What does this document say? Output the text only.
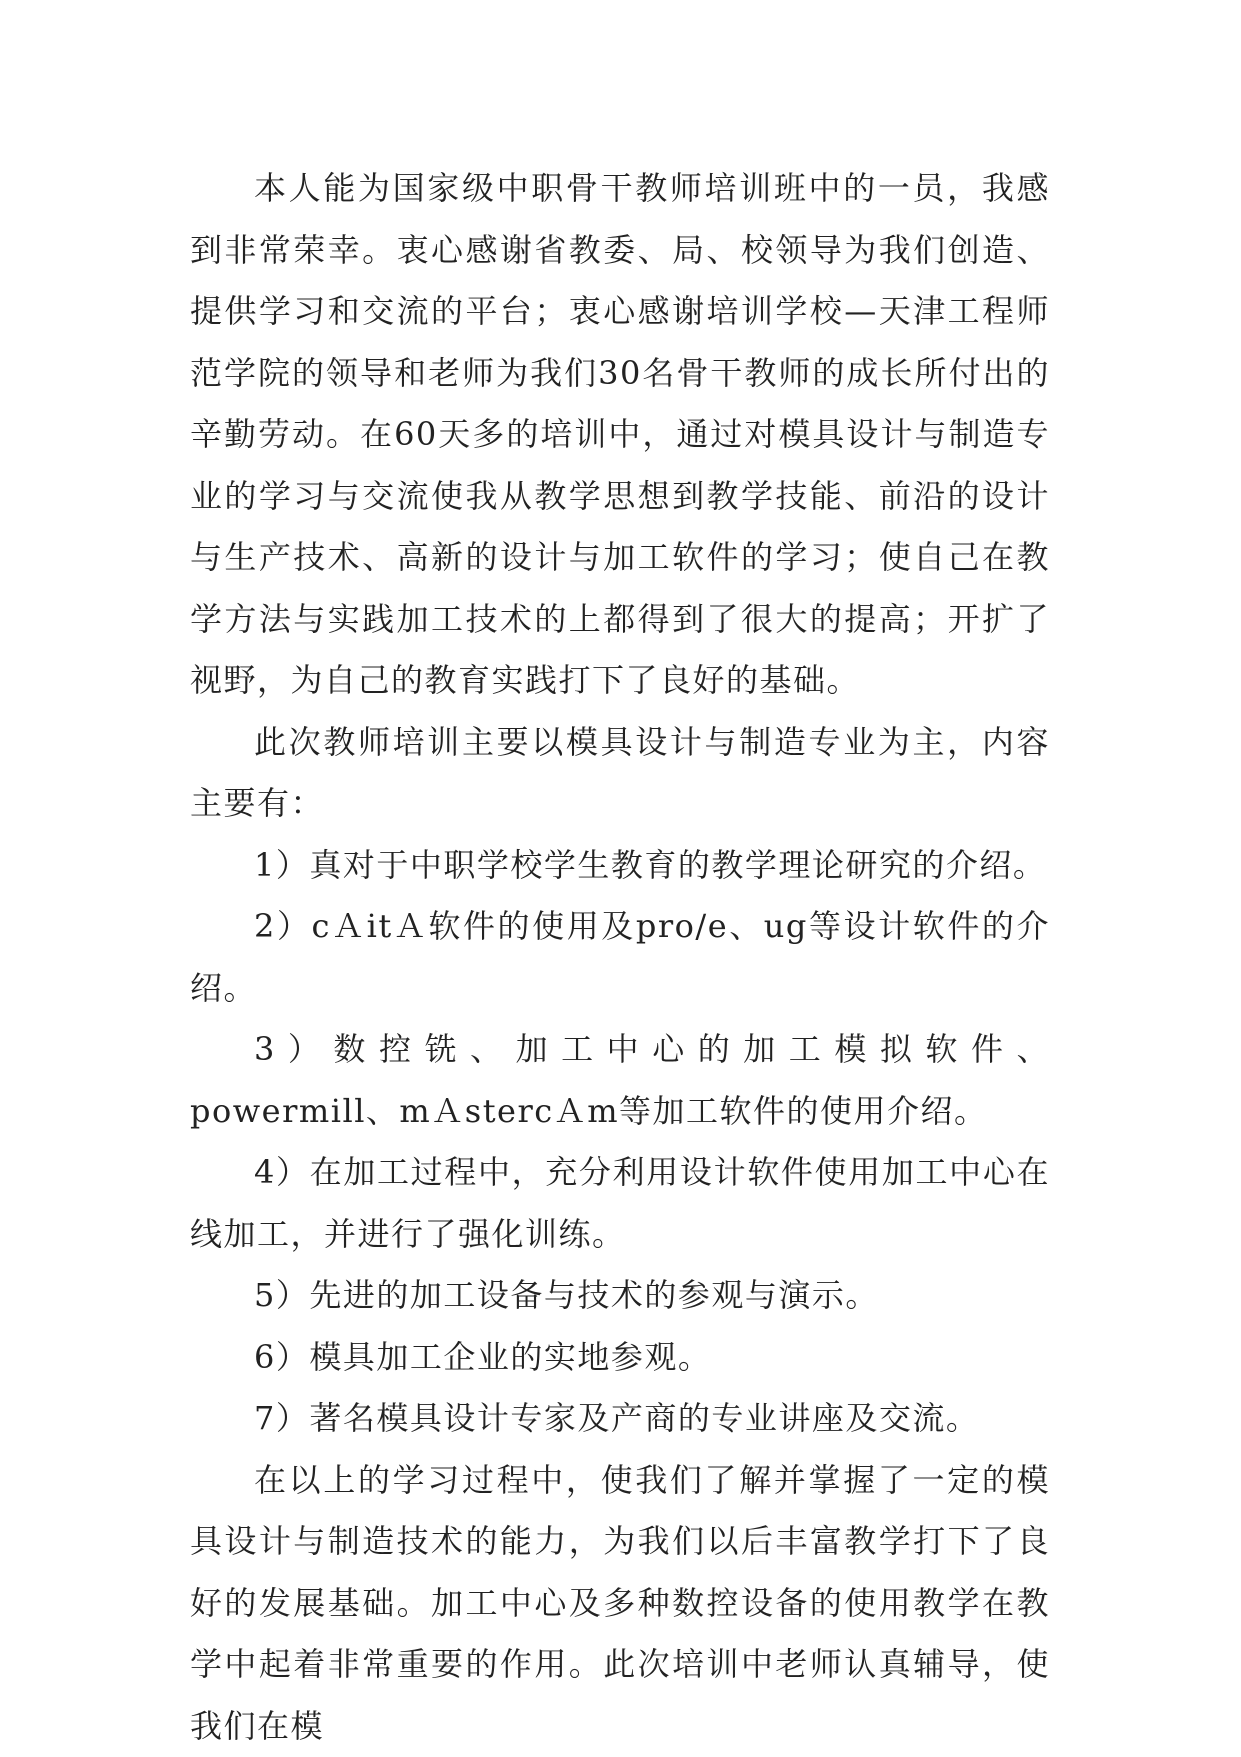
本人能为国家级中职骨干教师培训班中的一员，我感到非常荣幸。衷心感谢省教委、局、校领导为我们创造、提供学习和交流的平台；衷心感谢培训学校—天津工程师范学院的领导和老师为我们30名骨干教师的成长所付出的辛勤劳动。在60天多的培训中，通过对模具设计与制造专业的学习与交流使我从教学思想到教学技能、前沿的设计与生产技术、高新的设计与加工软件的学习；使自己在教学方法与实践加工技术的上都得到了很大的提高；开扩了视野，为自己的教育实践打下了良好的基础。

此次教师培训主要以模具设计与制造专业为主，内容主要有：

1）真对于中职学校学生教育的教学理论研究的介绍。

2）cＡitＡ软件的使用及pro/e、ug等设计软件的介绍。

3）数控铣、加工中心的加工模拟软件、powermill、mＡstercＡm等加工软件的使用介绍。

4）在加工过程中，充分利用设计软件使用加工中心在线加工，并进行了强化训练。

5）先进的加工设备与技术的参观与演示。

6）模具加工企业的实地参观。

7）著名模具设计专家及产商的专业讲座及交流。

在以上的学习过程中，使我们了解并掌握了一定的模具设计与制造技术的能力，为我们以后丰富教学打下了良好的发展基础。加工中心及多种数控设备的使用教学在教学中起着非常重要的作用。此次培训中老师认真辅导，使我们在模
